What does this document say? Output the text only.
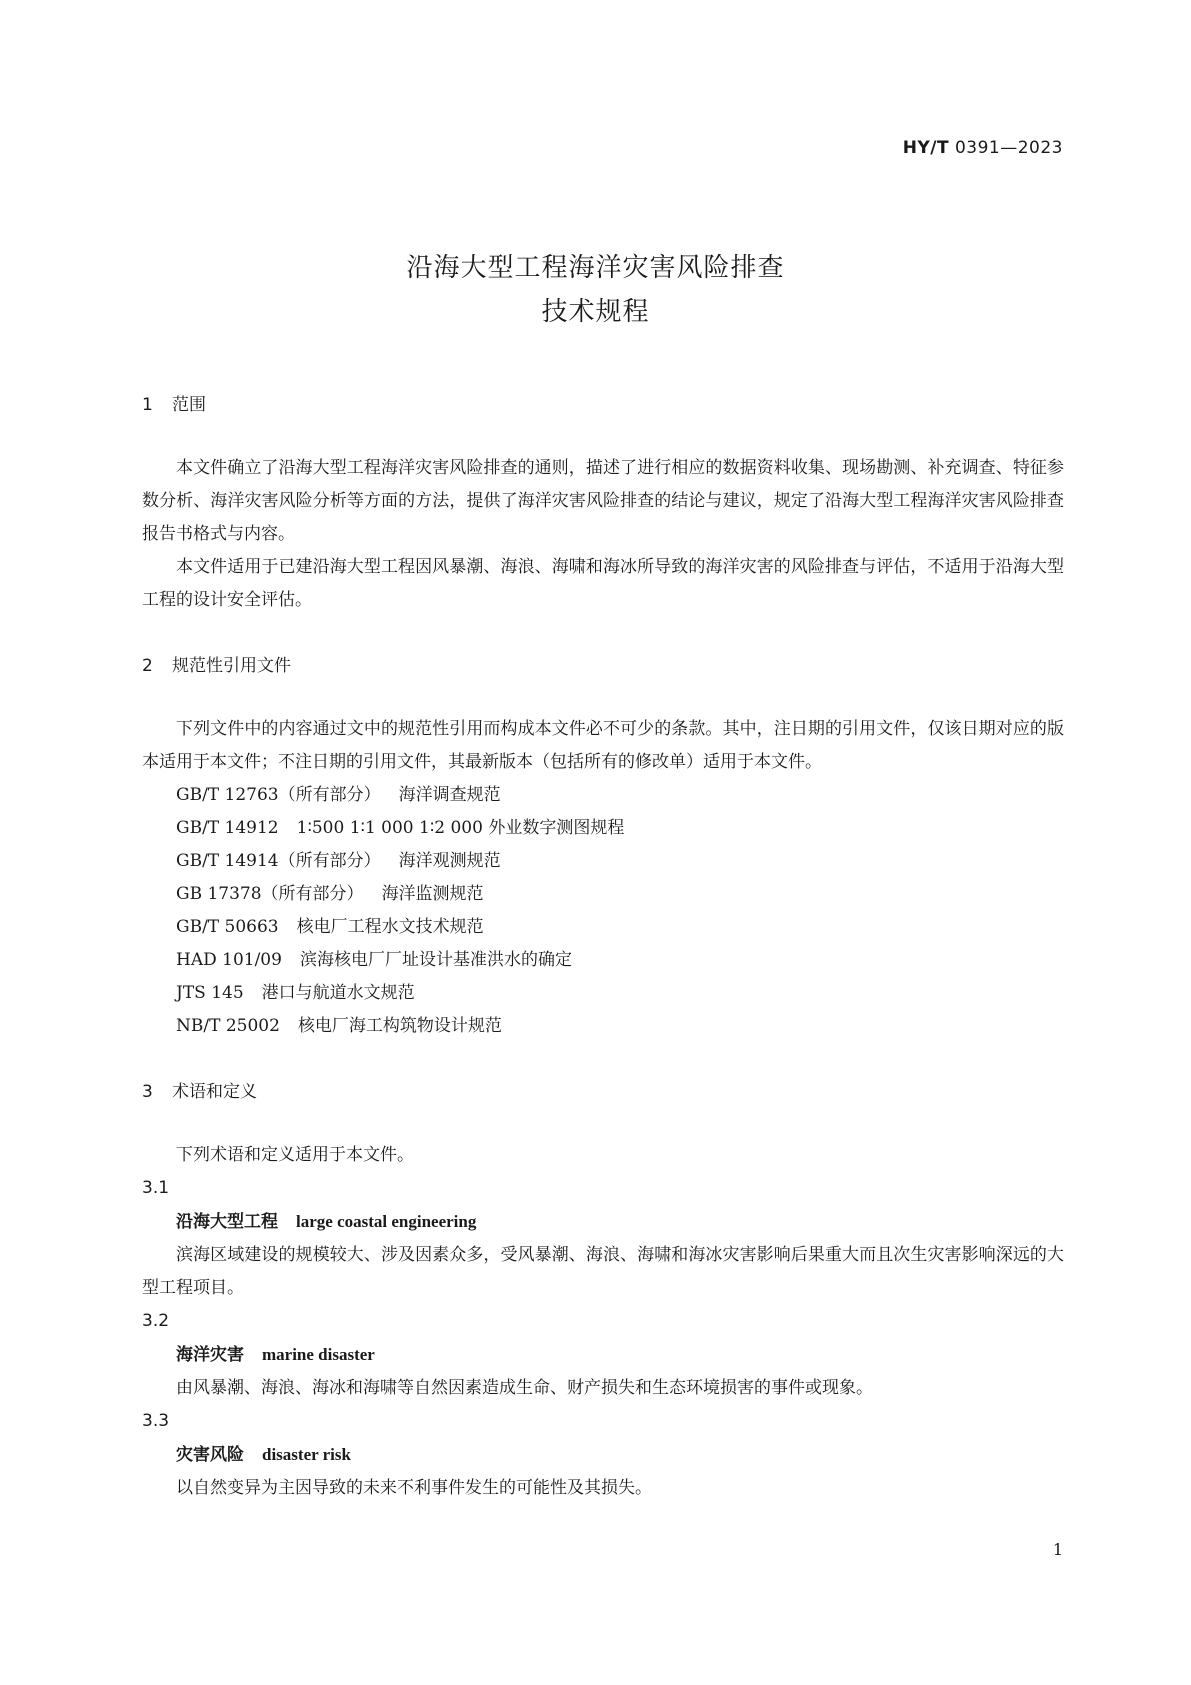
HY/T 0391—2023
沿海大型工程海洋灾害风险排查
技术规程
1 范围

本文件确立了沿海大型工程海洋灾害风险排查的通则，描述了进行相应的数据资料收集、现场勘测、补充调查、特征参数分析、海洋灾害风险分析等方面的方法，提供了海洋灾害风险排查的结论与建议，规定了沿海大型工程海洋灾害风险排查报告书格式与内容。

本文件适用于已建沿海大型工程因风暴潮、海浪、海啸和海冰所导致的海洋灾害的风险排查与评估，不适用于沿海大型工程的设计安全评估。

2 规范性引用文件

下列文件中的内容通过文中的规范性引用而构成本文件必不可少的条款。其中，注日期的引用文件，仅该日期对应的版本适用于本文件；不注日期的引用文件，其最新版本（包括所有的修改单）适用于本文件。

GB/T 12763（所有部分） 海洋调查规范
GB/T 14912 1∶500 1∶1 000 1∶2 000 外业数字测图规程
GB/T 14914（所有部分） 海洋观测规范
GB 17378（所有部分） 海洋监测规范
GB/T 50663 核电厂工程水文技术规范
HAD 101/09 滨海核电厂厂址设计基准洪水的确定
JTS 145 港口与航道水文规范
NB/T 25002 核电厂海工构筑物设计规范
3 术语和定义

下列术语和定义适用于本文件。

3.1
沿海大型工程 large coastal engineering

滨海区域建设的规模较大、涉及因素众多，受风暴潮、海浪、海啸和海冰灾害影响后果重大而且次生灾害影响深远的大型工程项目。

3.2
海洋灾害 marine disaster

由风暴潮、海浪、海冰和海啸等自然因素造成生命、财产损失和生态环境损害的事件或现象。

3.3
灾害风险 disaster risk

以自然变异为主因导致的未来不利事件发生的可能性及其损失。

1
